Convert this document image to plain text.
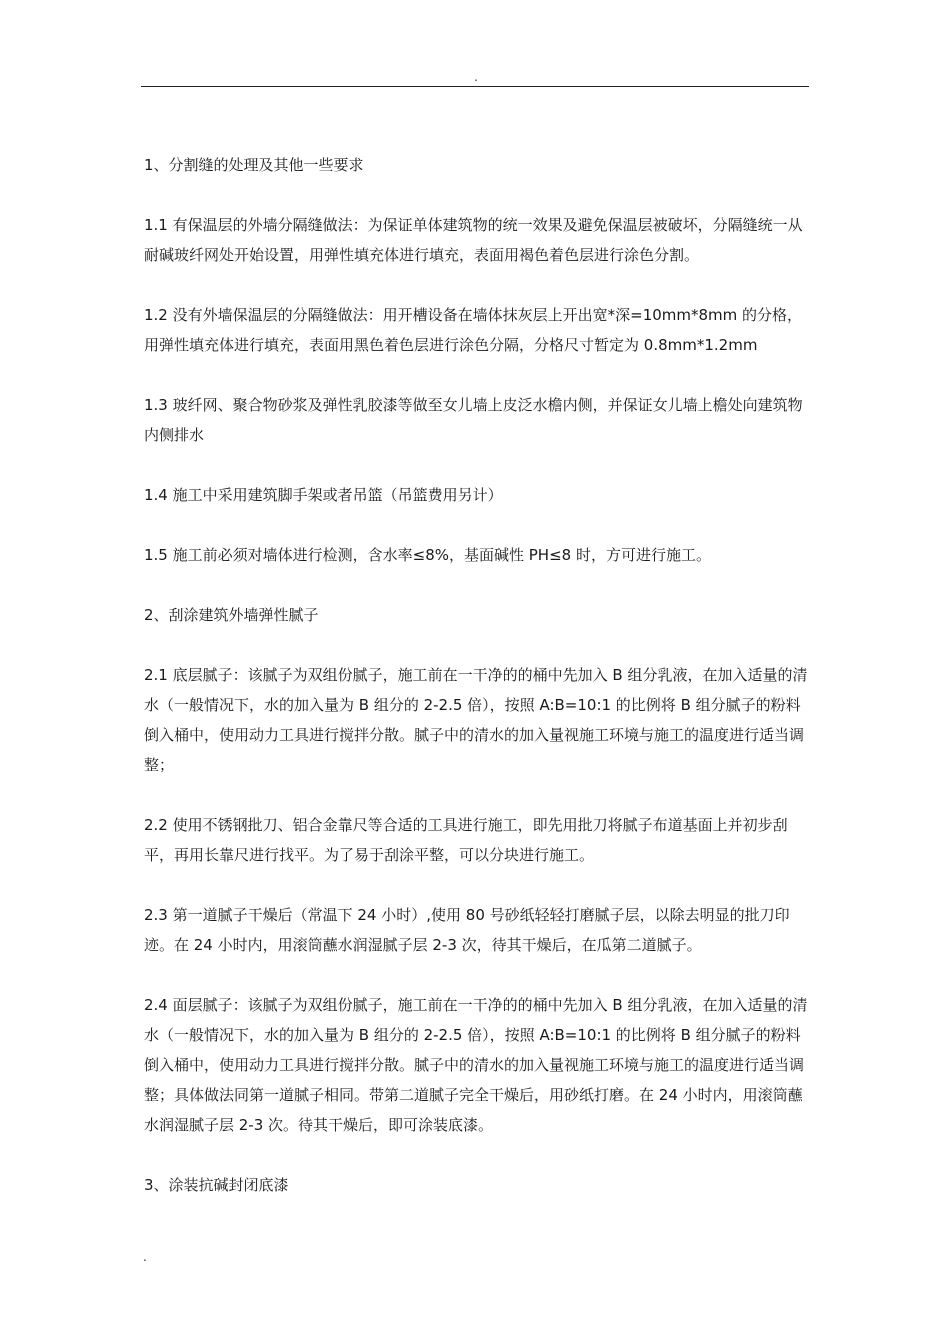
.

1、分割缝的处理及其他一些要求

1.1 有保温层的外墙分隔缝做法：为保证单体建筑物的统一效果及避免保温层被破坏，分隔缝统一从耐碱玻纤网处开始设置，用弹性填充体进行填充，表面用褐色着色层进行涂色分割。

1.2 没有外墙保温层的分隔缝做法：用开槽设备在墙体抹灰层上开出宽*深=10mm*8mm 的分格，用弹性填充体进行填充，表面用黑色着色层进行涂色分隔，分格尺寸暂定为 0.8mm*1.2mm

1.3 玻纤网、聚合物砂浆及弹性乳胶漆等做至女儿墙上皮泛水檐内侧，并保证女儿墙上檐处向建筑物内侧排水

1.4 施工中采用建筑脚手架或者吊篮（吊篮费用另计）

1.5 施工前必须对墙体进行检测，含水率≤8%，基面碱性 PH≤8 时，方可进行施工。

2、刮涂建筑外墙弹性腻子

2.1 底层腻子：该腻子为双组份腻子，施工前在一干净的的桶中先加入 B 组分乳液，在加入适量的清水（一般情况下，水的加入量为 B 组分的 2-2.5 倍），按照 A:B=10:1 的比例将 B 组分腻子的粉料倒入桶中，使用动力工具进行搅拌分散。腻子中的清水的加入量视施工环境与施工的温度进行适当调整；

2.2 使用不锈钢批刀、铝合金靠尺等合适的工具进行施工，即先用批刀将腻子布道基面上并初步刮平，再用长靠尺进行找平。为了易于刮涂平整，可以分块进行施工。

2.3 第一道腻子干燥后（常温下 24 小时）,使用 80 号砂纸轻轻打磨腻子层，以除去明显的批刀印迹。在 24 小时内，用滚筒蘸水润湿腻子层 2-3 次，待其干燥后，在瓜第二道腻子。

2.4 面层腻子：该腻子为双组份腻子，施工前在一干净的的桶中先加入 B 组分乳液，在加入适量的清水（一般情况下，水的加入量为 B 组分的 2-2.5 倍），按照 A:B=10:1 的比例将 B 组分腻子的粉料倒入桶中，使用动力工具进行搅拌分散。腻子中的清水的加入量视施工环境与施工的温度进行适当调整；具体做法同第一道腻子相同。带第二道腻子完全干燥后，用砂纸打磨。在 24 小时内，用滚筒蘸水润湿腻子层 2-3 次。待其干燥后，即可涂装底漆。

3、涂装抗碱封闭底漆

.
